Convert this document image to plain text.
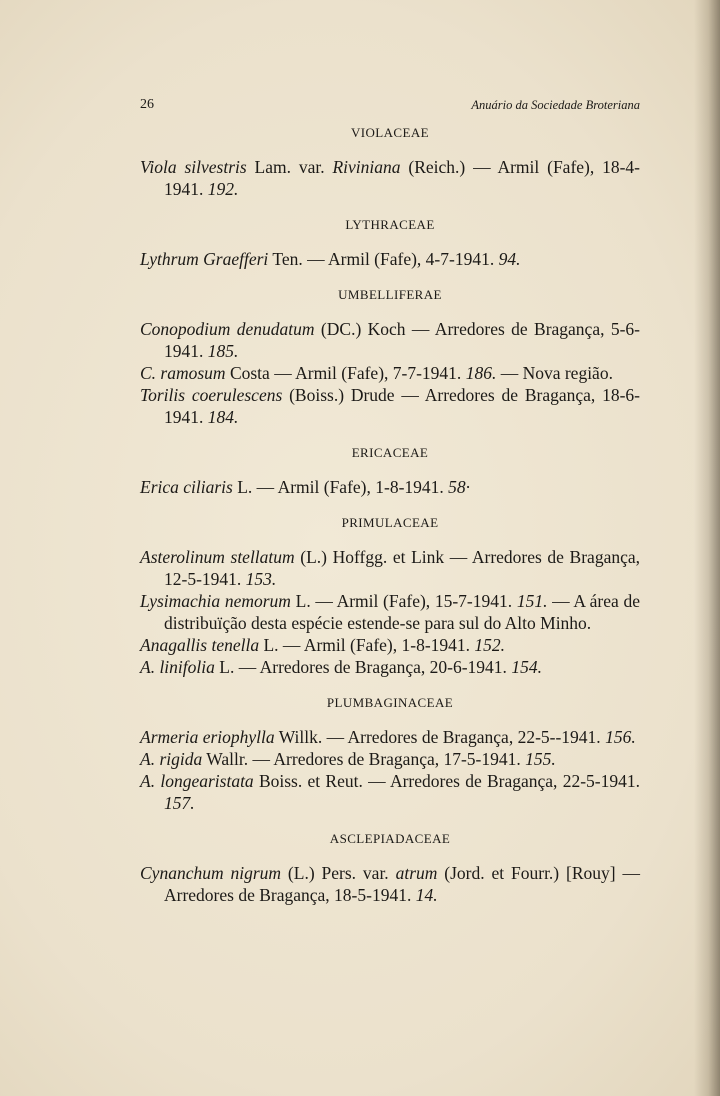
26	Anuário da Sociedade Broteriana

VIOLACEAE

Viola silvestris Lam. var. Riviniana (Reich.) — Armil (Fafe), 18-4-1941. 192.

LYTHRACEAE

Lythrum Graefferi Ten. — Armil (Fafe), 4-7-1941. 94.

UMBELLIFERAE

Conopodium denudatum (DC.) Koch — Arredores de Bragança, 5-6-1941. 185.

C. ramosum Costa — Armil (Fafe), 7-7-1941. 186. — Nova região.

Torilis coerulescens (Boiss.) Drude — Arredores de Bragança, 18-6-1941. 184.

ERICACEAE

Erica ciliaris L. — Armil (Fafe), 1-8-1941. 58·

PRIMULACEAE

Asterolinum stellatum (L.) Hoffgg. et Link — Arredores de Bragança, 12-5-1941. 153.

Lysimachia nemorum L. — Armil (Fafe), 15-7-1941. 151. — A área de distribuïção desta espécie estende-se para sul do Alto Minho.

Anagallis tenella L. — Armil (Fafe), 1-8-1941. 152.

A. linifolia L. — Arredores de Bragança, 20-6-1941. 154.

PLUMBAGINACEAE

Armeria eriophylla Willk. — Arredores de Bragança, 22-5--1941. 156.

A. rigida Wallr. — Arredores de Bragança, 17-5-1941. 155.

A. longearistata Boiss. et Reut. — Arredores de Bragança, 22-5-1941. 157.

ASCLEPIADACEAE

Cynanchum nigrum (L.) Pers. var. atrum (Jord. et Fourr.) [Rouy] — Arredores de Bragança, 18-5-1941. 14.
